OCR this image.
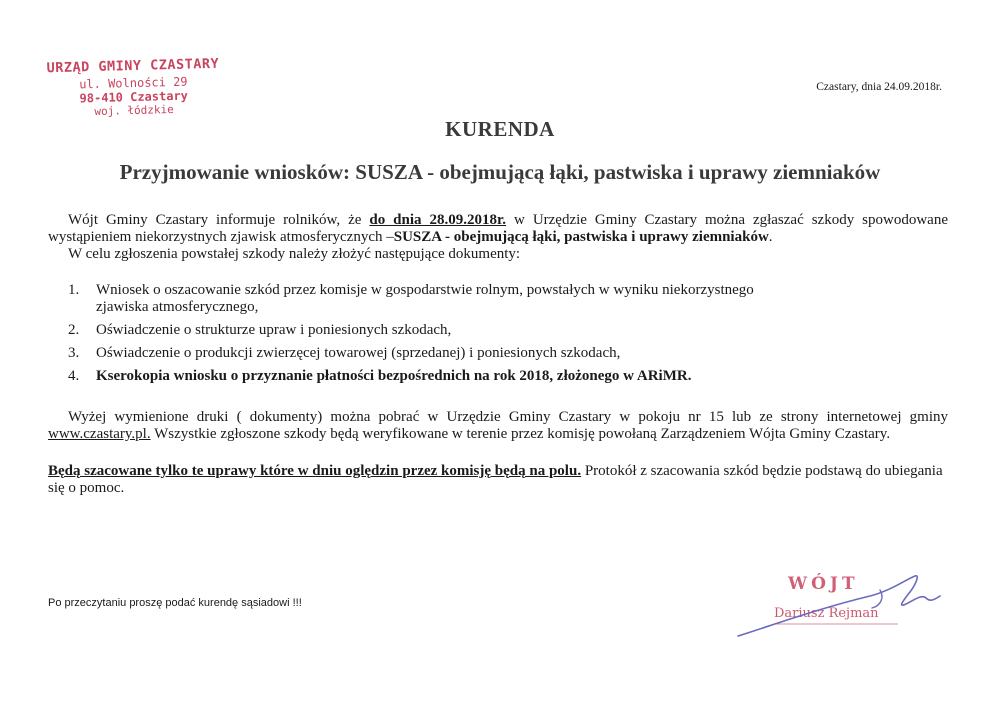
URZĄD GMINY CZASTARY
ul. Wolności 29
98-410 Czastary
woj. łódzkie
Czastary, dnia 24.09.2018r.
KURENDA
Przyjmowanie wniosków: SUSZA - obejmującą łąki, pastwiska i uprawy ziemniaków

Wójt Gminy Czastary informuje rolników, że do dnia 28.09.2018r. w Urzędzie Gminy Czastary można zgłaszać szkody spowodowane wystąpieniem niekorzystnych zjawisk atmosferycznych –SUSZA - obejmującą łąki, pastwiska i uprawy ziemniaków.

W celu zgłoszenia powstałej szkody należy złożyć następujące dokumenty:

1.	Wniosek o oszacowanie szkód przez komisje w gospodarstwie rolnym, powstałych w wyniku niekorzystnego zjawiska atmosferycznego,
2.	Oświadczenie o strukturze upraw i poniesionych szkodach,
3.	Oświadczenie o produkcji zwierzęcej towarowej (sprzedanej) i poniesionych szkodach,
4.	Kserokopia wniosku o przyznanie płatności bezpośrednich na rok 2018, złożonego w ARiMR.

Wyżej wymienione druki ( dokumenty) można pobrać w Urzędzie Gminy Czastary w pokoju nr 15 lub ze strony internetowej gminy www.czastary.pl. Wszystkie zgłoszone szkody będą weryfikowane w terenie przez komisję powołaną Zarządzeniem Wójta Gminy Czastary.

Będą szacowane tylko te uprawy które w dniu oględzin przez komisję będą na polu. Protokół z szacowania szkód będzie podstawą do ubiegania się o pomoc.

Po przeczytaniu proszę podać kurendę sąsiadowi !!!
WÓJT
Dariusz Rejman
